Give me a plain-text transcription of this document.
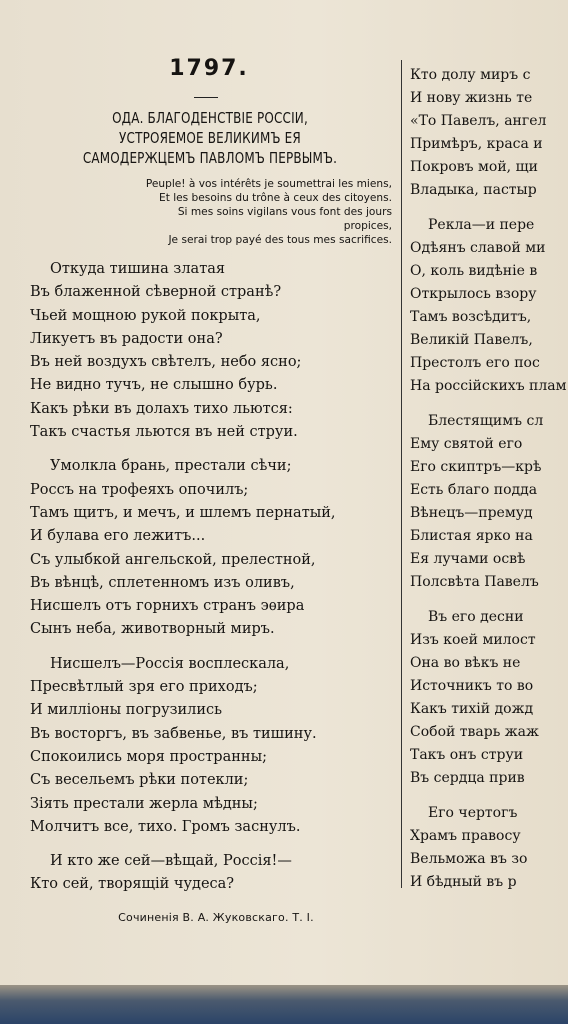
1797.
ОДА. БЛАГОДЕНСТВІЕ РОССІИ,
УСТРОЯЕМОЕ ВЕЛИКИМЪ ЕЯ
САМОДЕРЖЦЕМЪ ПАВЛОМЪ ПЕРВЫМЪ.
Peuple! à vos intérêts je soumettrai les miens,
Et les besoins du trône à ceux des citoyens.
Si mes soins vigilans vous font des jours
propices,
Je serai trop payé des tous mes sacrifices.
Откуда тишина златая
Въ блаженной сѣверной странѣ?
Чьей мощною рукой покрыта,
Ликуетъ въ радости она?
Въ ней воздухъ свѣтелъ, небо ясно;
Не видно тучъ, не слышно бурь.
Какъ рѣки въ долахъ тихо льются:
Такъ счастья льются въ ней струи.
Умолкла брань, престали сѣчи;
Россъ на трофеяхъ опочилъ;
Тамъ щитъ, и мечъ, и шлемъ пернатый,
И булава его лежитъ...
Съ улыбкой ангельской, прелестной,
Въ вѣнцѣ, сплетенномъ изъ оливъ,
Нисшелъ отъ горнихъ странъ эѳира
Сынъ неба, животворный миръ.
Нисшелъ—Россія восплескала,
Пресвѣтлый зря его приходъ;
И милліоны погрузились
Въ восторгъ, въ забвенье, въ тишину.
Спокоились моря пространны;
Съ весельемъ рѣки потекли;
Зіять престали жерла мѣдны;
Молчитъ все, тихо. Громъ заснулъ.
И кто же сей—вѣщай, Россія!—
Кто сей, творящій чудеса?
Сочиненія В. А. Жуковскаго. Т. І.
Кто долу миръ с
И нову жизнь те
«То Павелъ, ангел
Примѣръ, краса и
Покровъ мой, щи
Владыка, пастыр
Рекла—и пере
Одѣянъ славой ми
О, коль видѣніе в
Открылось взору
Тамъ возсѣдитъ,
Великій Павелъ,
Престолъ его пос
На россійскихъ плам
Блестящимъ сл
Ему святой его
Его скиптръ—крѣ
Есть благо подда
Вѣнецъ—премуд
Блистая ярко на
Ея лучами освѣ
Полсвѣта Павелъ
Въ его десни
Изъ коей милост
Она во вѣкъ не
Источникъ то во
Какъ тихій дожд
Собой тварь жаж
Такъ онъ струи
Въ сердца прив
Его чертогъ
Храмъ правосу
Вельможа въ зо
И бѣдный въ р
